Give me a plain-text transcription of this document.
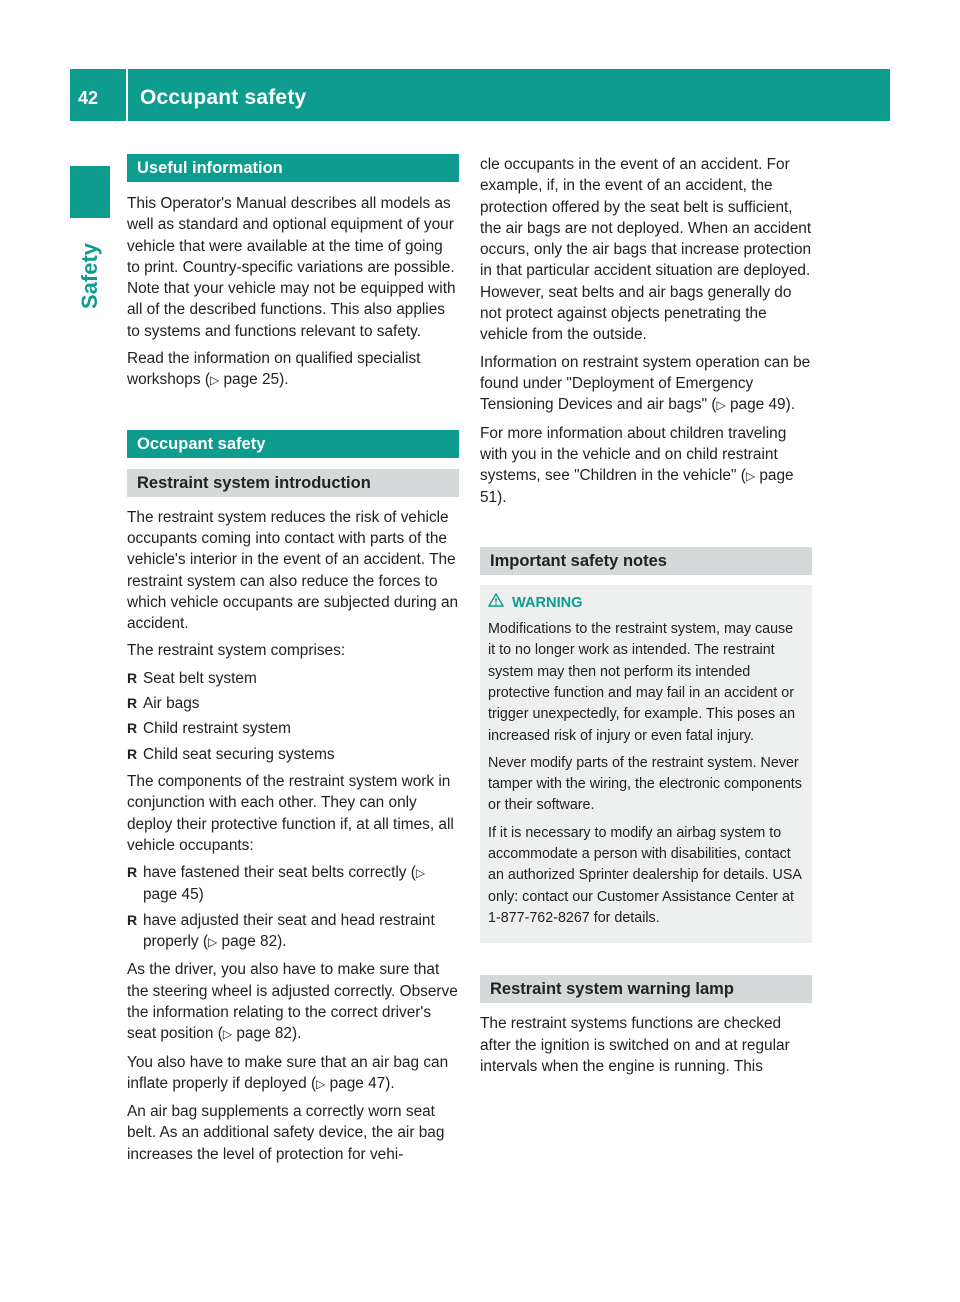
42	Occupant safety
Safety
Useful information

This Operator's Manual describes all models as well as standard and optional equipment of your vehicle that were available at the time of going to print. Country-specific variations are possible. Note that your vehicle may not be equipped with all of the described functions. This also applies to systems and functions relevant to safety.

Read the information on qualified specialist workshops (▷ page 25).

Occupant safety
Restraint system introduction

The restraint system reduces the risk of vehicle occupants coming into contact with parts of the vehicle's interior in the event of an accident. The restraint system can also reduce the forces to which vehicle occupants are subjected during an accident.

The restraint system comprises:

R Seat belt system
R Air bags
R Child restraint system
R Child seat securing systems

The components of the restraint system work in conjunction with each other. They can only deploy their protective function if, at all times, all vehicle occupants:

R have fastened their seat belts correctly (▷ page 45)
R have adjusted their seat and head restraint properly (▷ page 82).

As the driver, you also have to make sure that the steering wheel is adjusted correctly. Observe the information relating to the correct driver's seat position (▷ page 82).

You also have to make sure that an air bag can inflate properly if deployed (▷ page 47).

An air bag supplements a correctly worn seat belt. As an additional safety device, the air bag increases the level of protection for vehi-

cle occupants in the event of an accident. For example, if, in the event of an accident, the protection offered by the seat belt is sufficient, the air bags are not deployed. When an accident occurs, only the air bags that increase protection in that particular accident situation are deployed. However, seat belts and air bags generally do not protect against objects penetrating the vehicle from the outside.

Information on restraint system operation can be found under "Deployment of Emergency Tensioning Devices and air bags" (▷ page 49).

For more information about children traveling with you in the vehicle and on child restraint systems, see "Children in the vehicle" (▷ page 51).

Important safety notes
WARNING

Modifications to the restraint system, may cause it to no longer work as intended. The restraint system may then not perform its intended protective function and may fail in an accident or trigger unexpectedly, for example. This poses an increased risk of injury or even fatal injury.

Never modify parts of the restraint system. Never tamper with the wiring, the electronic components or their software.

If it is necessary to modify an airbag system to accommodate a person with disabilities, contact an authorized Sprinter dealership for details. USA only: contact our Customer Assistance Center at 1-877-762-8267 for details.

Restraint system warning lamp

The restraint systems functions are checked after the ignition is switched on and at regular intervals when the engine is running. This
